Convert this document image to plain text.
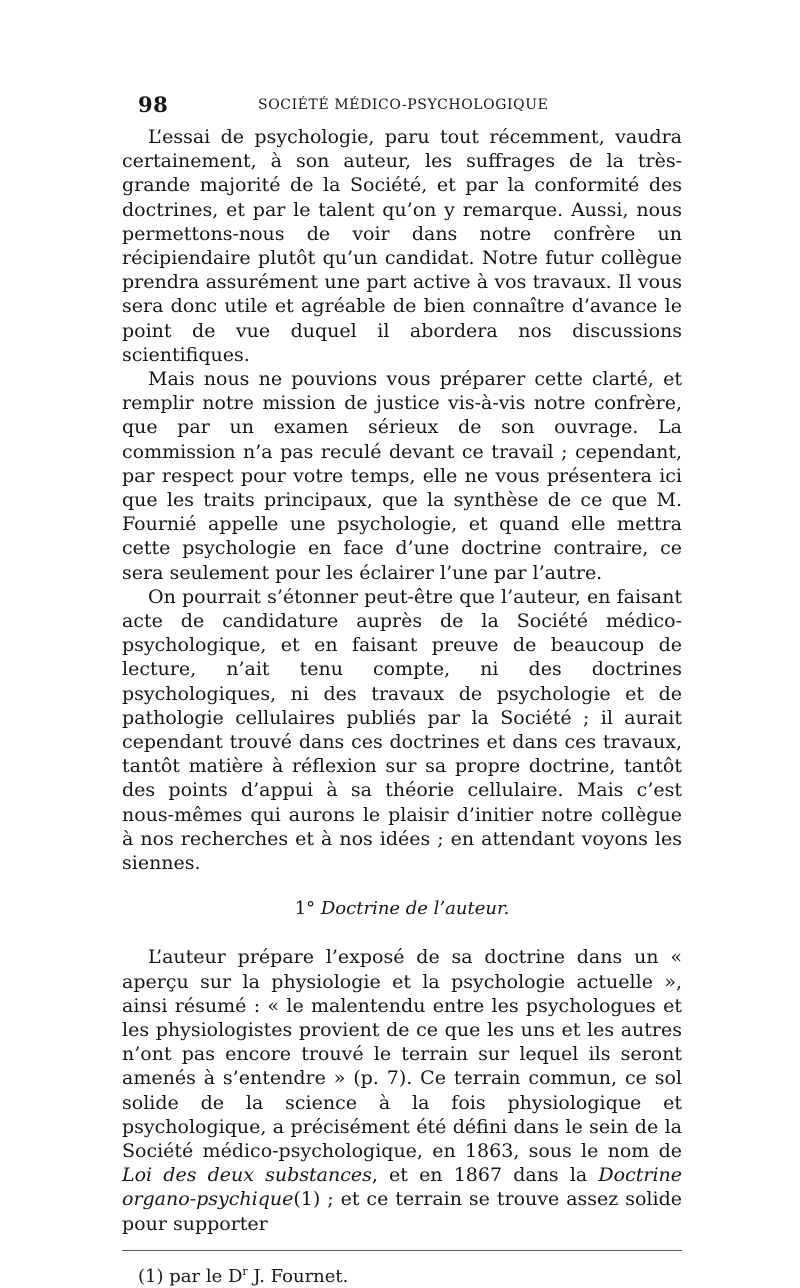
98	SOCIÉTÉ MÉDICO-PSYCHOLOGIQUE

L’essai de psychologie, paru tout récemment, vaudra certainement, à son auteur, les suffrages de la très-grande majorité de la Société, et par la conformité des doctrines, et par le talent qu’on y remarque. Aussi, nous permettons-nous de voir dans notre confrère un récipiendaire plutôt qu’un candidat. Notre futur collègue prendra assurément une part active à vos travaux. Il vous sera donc utile et agréable de bien connaître d’avance le point de vue duquel il abordera nos discussions scientifiques.

Mais nous ne pouvions vous préparer cette clarté, et remplir notre mission de justice vis-à-vis notre confrère, que par un examen sérieux de son ouvrage. La commission n’a pas reculé devant ce travail ; cependant, par respect pour votre temps, elle ne vous présentera ici que les traits principaux, que la synthèse de ce que M. Fournié appelle une psychologie, et quand elle mettra cette psychologie en face d’une doctrine contraire, ce sera seulement pour les éclairer l’une par l’autre.

On pourrait s’étonner peut-être que l’auteur, en faisant acte de candidature auprès de la Société médico-psychologique, et en faisant preuve de beaucoup de lecture, n’ait tenu compte, ni des doctrines psychologiques, ni des travaux de psychologie et de pathologie cellulaires publiés par la Société ; il aurait cependant trouvé dans ces doctrines et dans ces travaux, tantôt matière à réflexion sur sa propre doctrine, tantôt des points d’appui à sa théorie cellulaire. Mais c’est nous-mêmes qui aurons le plaisir d’initier notre collègue à nos recherches et à nos idées ; en attendant voyons les siennes.

1° Doctrine de l’auteur.

L’auteur prépare l’exposé de sa doctrine dans un « aperçu sur la physiologie et la psychologie actuelle », ainsi résumé : « le malentendu entre les psychologues et les physiologistes provient de ce que les uns et les autres n’ont pas encore trouvé le terrain sur lequel ils seront amenés à s’entendre » (p. 7). Ce terrain commun, ce sol solide de la science à la fois physiologique et psychologique, a précisément été défini dans le sein de la Société médico-psychologique, en 1863, sous le nom de Loi des deux substances, et en 1867 dans la Doctrine organo-psychique(1) ; et ce terrain se trouve assez solide pour supporter

(1) par le $D^r$ J. Fournet.
